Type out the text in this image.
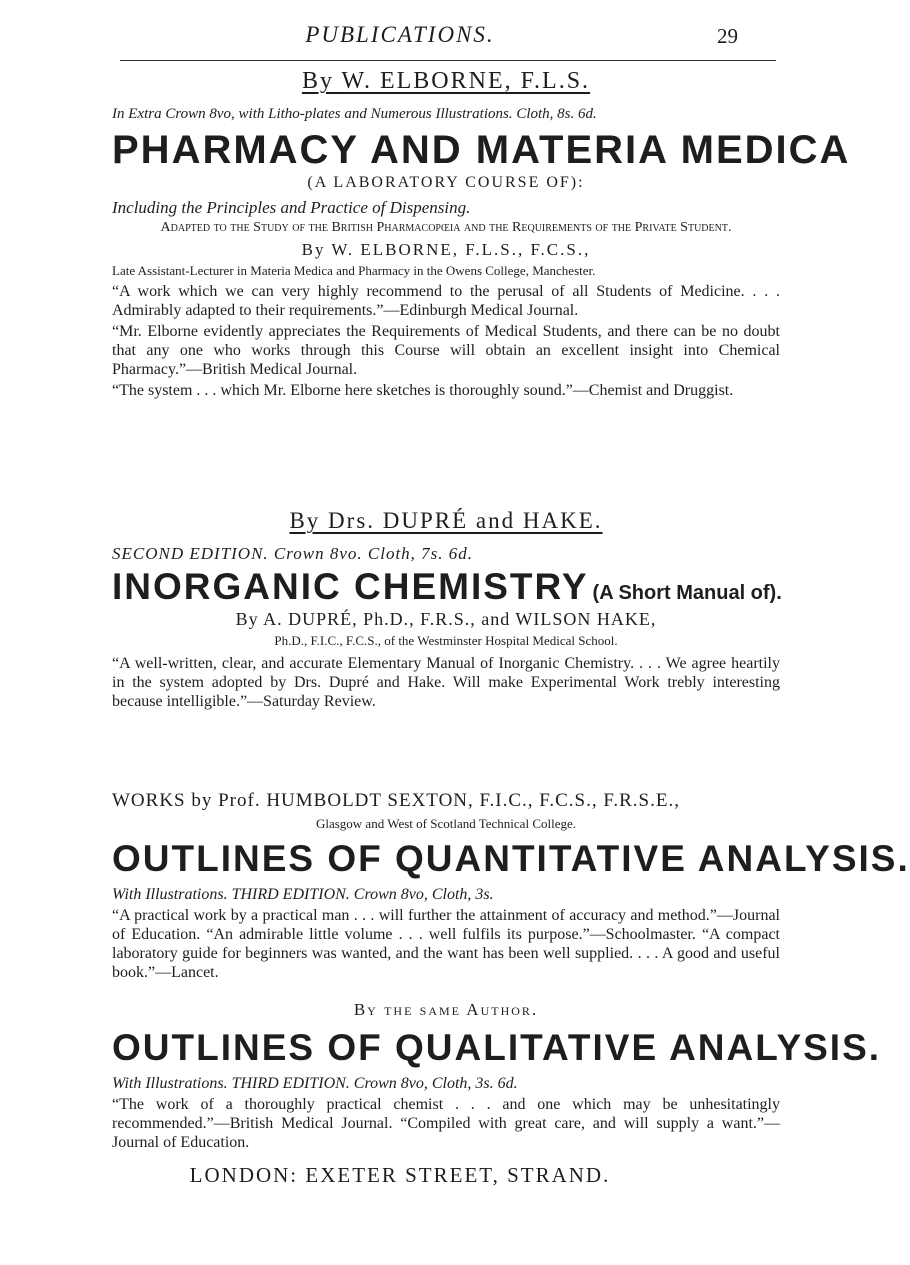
PUBLICATIONS.	29
By W. ELBORNE, F.L.S.

In Extra Crown 8vo, with Litho-plates and Numerous Illustrations. Cloth, 8s. 6d.

PHARMACY AND MATERIA MEDICA
(A LABORATORY COURSE OF):

Including the Principles and Practice of Dispensing.

Adapted to the Study of the British Pharmacopœia and the Requirements of the Private Student.

By W. ELBORNE, F.L.S., F.C.S.,

Late Assistant-Lecturer in Materia Medica and Pharmacy in the Owens College, Manchester.

“A work which we can very highly recommend to the perusal of all Students of Medicine. . . . Admirably adapted to their requirements.”—Edinburgh Medical Journal.

“Mr. Elborne evidently appreciates the Requirements of Medical Students, and there can be no doubt that any one who works through this Course will obtain an excellent insight into Chemical Pharmacy.”—British Medical Journal.

“The system . . . which Mr. Elborne here sketches is thoroughly sound.”—Chemist and Druggist.

By Drs. DUPRÉ and HAKE.

SECOND EDITION. Crown 8vo. Cloth, 7s. 6d.

INORGANIC CHEMISTRY (A Short Manual of).
By A. DUPRÉ, Ph.D., F.R.S., and WILSON HAKE,

Ph.D., F.I.C., F.C.S., of the Westminster Hospital Medical School.

“A well-written, clear, and accurate Elementary Manual of Inorganic Chemistry. . . . We agree heartily in the system adopted by Drs. Dupré and Hake. Will make Experimental Work trebly interesting because intelligible.”—Saturday Review.

WORKS by Prof. HUMBOLDT SEXTON, F.I.C., F.C.S., F.R.S.E.,

Glasgow and West of Scotland Technical College.

OUTLINES OF QUANTITATIVE ANALYSIS.

With Illustrations. THIRD EDITION. Crown 8vo, Cloth, 3s.

“A practical work by a practical man . . . will further the attainment of accuracy and method.”—Journal of Education. “An admirable little volume . . . well fulfils its purpose.”—Schoolmaster. “A compact laboratory guide for beginners was wanted, and the want has been well supplied. . . . A good and useful book.”—Lancet.

By the same Author.
OUTLINES OF QUALITATIVE ANALYSIS.

With Illustrations. THIRD EDITION. Crown 8vo, Cloth, 3s. 6d.

“The work of a thoroughly practical chemist . . . and one which may be unhesitatingly recommended.”—British Medical Journal. “Compiled with great care, and will supply a want.”—Journal of Education.

LONDON: EXETER STREET, STRAND.
